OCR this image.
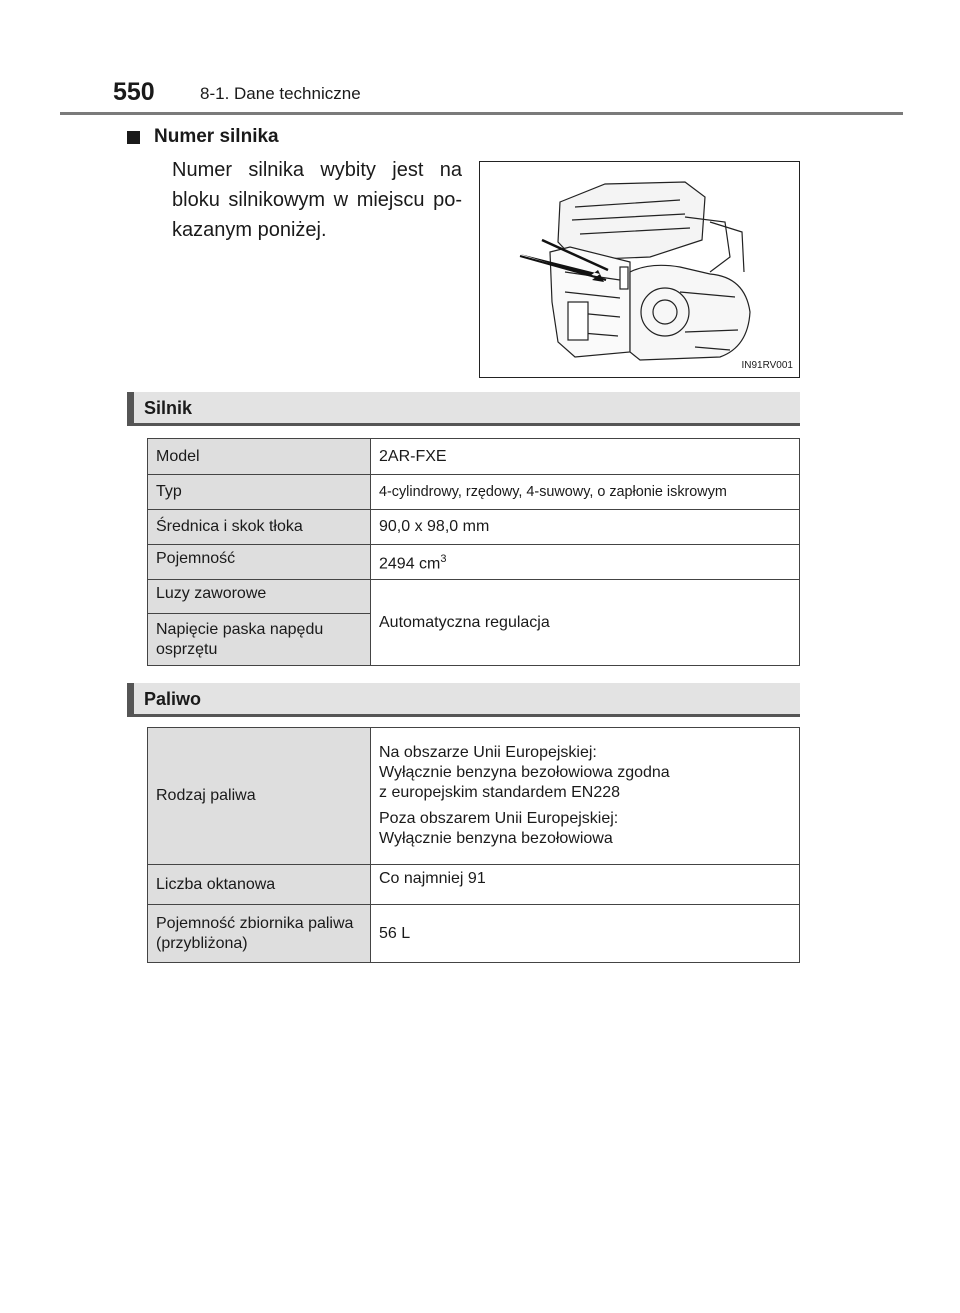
550	8-1. Dane techniczne
Numer silnika

Numer silnika wybity jest na bloku silnikowym w miejscu po-kazanym poniżej.

IN91RV001
Silnik
Model	2AR-FXE
Typ	4-cylindrowy, rzędowy, 4-suwowy, o zapłonie iskrowym
Średnica i skok tłoka	90,0 x 98,0 mm
Pojemność	2494 $cm^3$
Luzy zaworowe	Automatyczna regulacja
Napięcie paska napędu osprzętu	
Paliwo
Rodzaj paliwa	Na obszarze Unii Europejskiej:
Wyłącznie benzyna bezołowiowa zgodna
z europejskim standardem EN228
Poza obszarem Unii Europejskiej:
Wyłącznie benzyna bezołowiowa

Liczba oktanowa	Co najmniej 91
Pojemność zbiornika paliwa (przybliżona)	56 L
